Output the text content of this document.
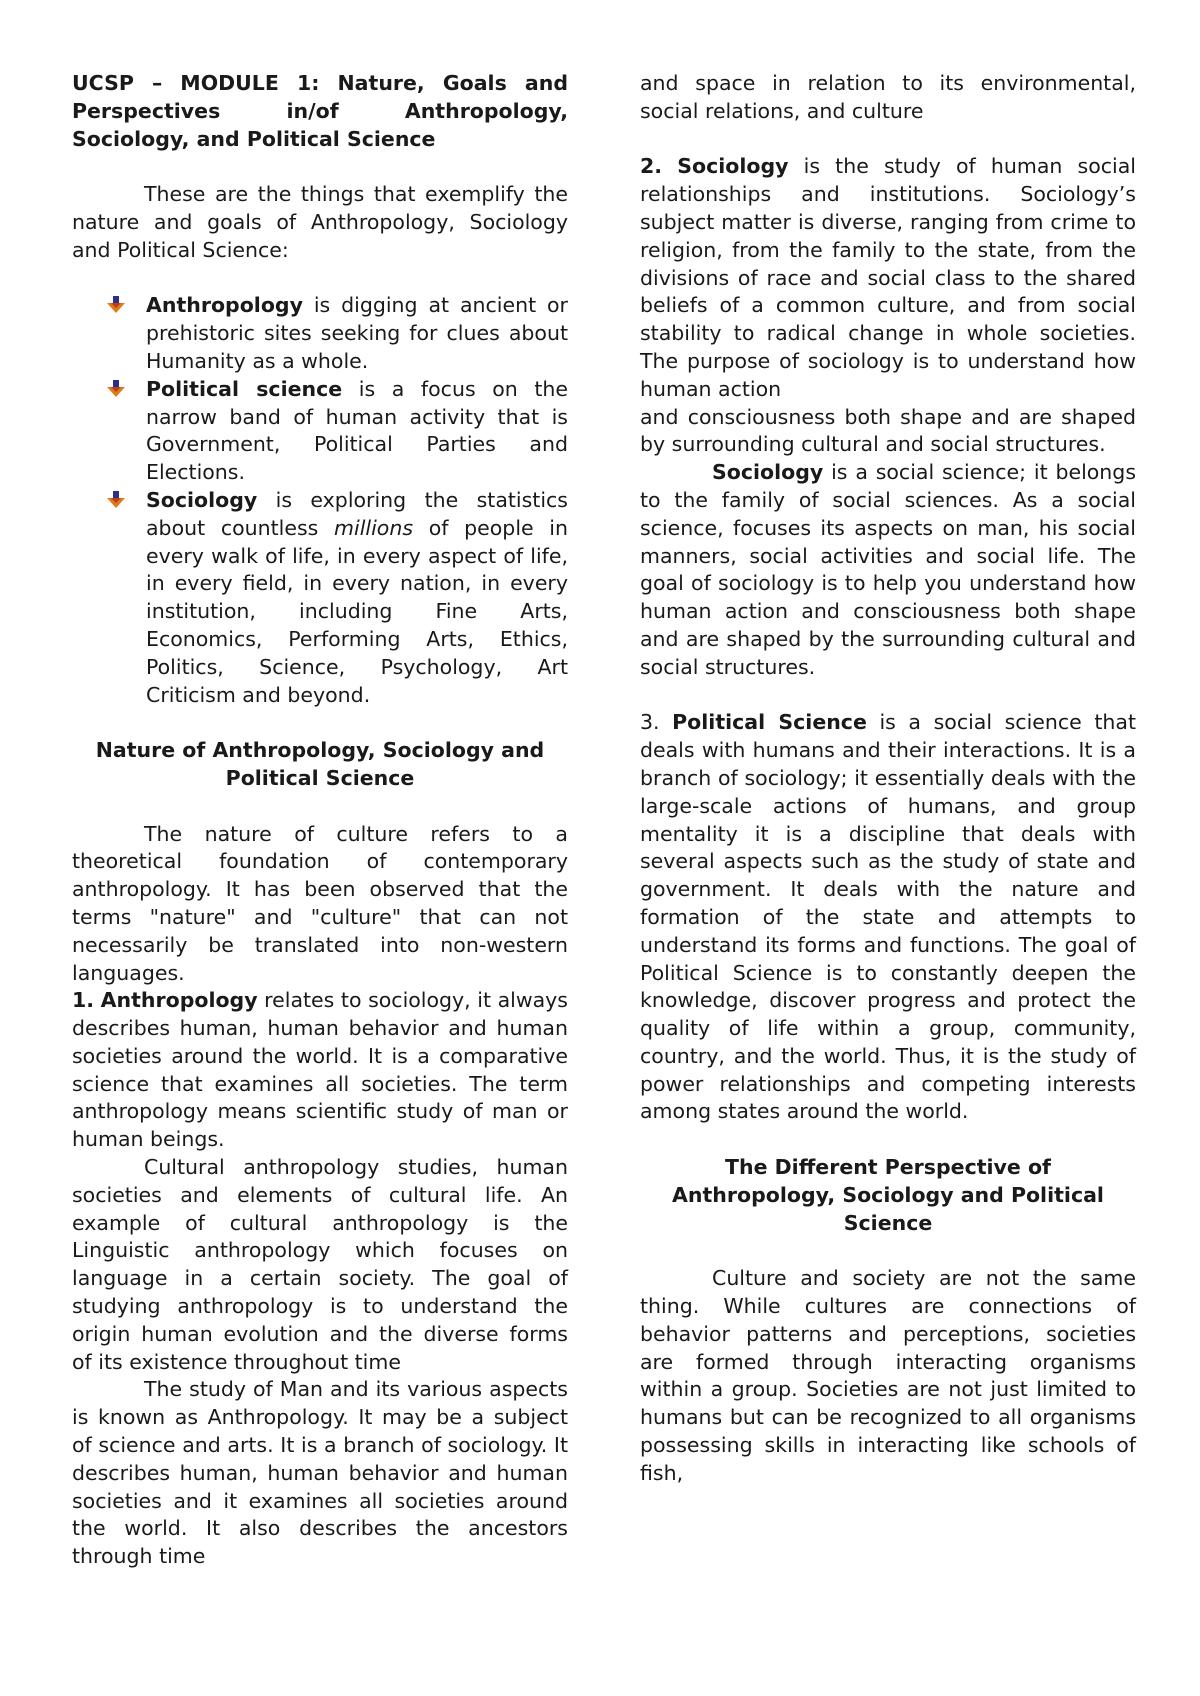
UCSP – MODULE 1: Nature, Goals and Perspectives in/of Anthropology, Sociology, and Political Science

These are the things that exemplify the nature and goals of Anthropology, Sociology and Political Science:

Anthropology is digging at ancient or prehistoric sites seeking for clues about Humanity as a whole.
Political science is a focus on the narrow band of human activity that is Government, Political Parties and Elections.
Sociology is exploring the statistics about countless millions of people in every walk of life, in every aspect of life, in every field, in every nation, in every institution, including Fine Arts, Economics, Performing Arts, Ethics, Politics, Science, Psychology, Art Criticism and beyond.

Nature of Anthropology, Sociology and Political Science

The nature of culture refers to a theoretical foundation of contemporary anthropology. It has been observed that the terms "nature" and "culture" that can not necessarily be translated into non-western languages.

1. Anthropology relates to sociology, it always describes human, human behavior and human societies around the world. It is a comparative science that examines all societies. The term anthropology means scientific study of man or human beings.

Cultural anthropology studies, human societies and elements of cultural life. An example of cultural anthropology is the Linguistic anthropology which focuses on language in a certain society. The goal of studying anthropology is to understand the origin human evolution and the diverse forms of its existence throughout time

The study of Man and its various aspects is known as Anthropology. It may be a subject of science and arts. It is a branch of sociology. It describes human, human behavior and human societies and it examines all societies around the world. It also describes the ancestors through time

and space in relation to its environmental, social relations, and culture

2. Sociology is the study of human social relationships and institutions. Sociology’s subject matter is diverse, ranging from crime to religion, from the family to the state, from the divisions of race and social class to the shared beliefs of a common culture, and from social stability to radical change in whole societies. The purpose of sociology is to understand how human action

and consciousness both shape and are shaped by surrounding cultural and social structures.

Sociology is a social science; it belongs to the family of social sciences. As a social science, focuses its aspects on man, his social manners, social activities and social life. The goal of sociology is to help you understand how human action and consciousness both shape and are shaped by the surrounding cultural and social structures.

3. Political Science is a social science that deals with humans and their interactions. It is a branch of sociology; it essentially deals with the large-scale actions of humans, and group mentality it is a discipline that deals with several aspects such as the study of state and government. It deals with the nature and formation of the state and attempts to understand its forms and functions. The goal of Political Science is to constantly deepen the knowledge, discover progress and protect the quality of life within a group, community, country, and the world. Thus, it is the study of power relationships and competing interests among states around the world.

The Different Perspective of Anthropology, Sociology and Political Science

Culture and society are not the same thing. While cultures are connections of behavior patterns and perceptions, societies are formed through interacting organisms within a group. Societies are not just limited to humans but can be recognized to all organisms possessing skills in interacting like schools of fish,
